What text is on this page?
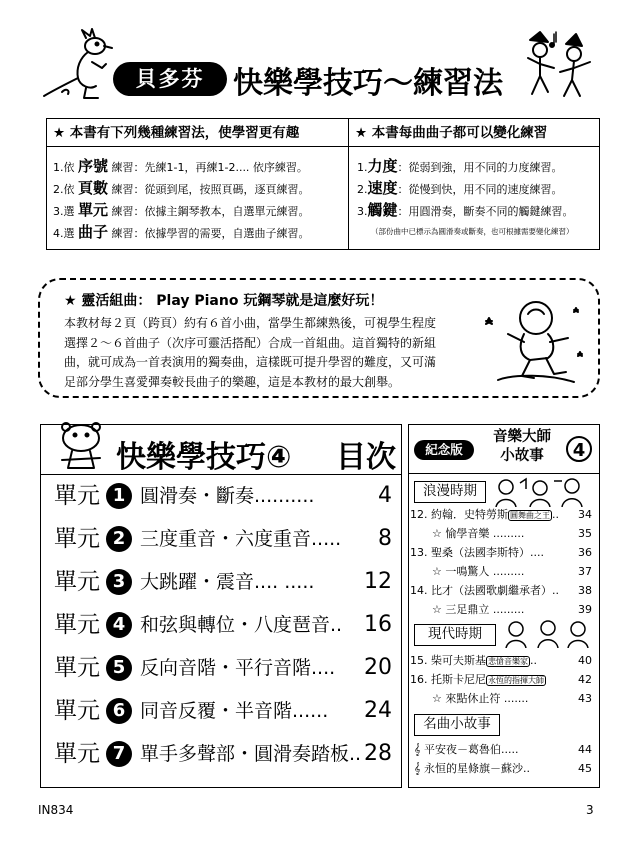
貝多芬 快樂學技巧～練習法
★ 本書有下列幾種練習法，使學習更有趣	★ 本書每曲曲子都可以變化練習
1.依 序號 練習：先練1-1，再練1-2.... 依序練習。
2.依 頁數 練習：從頭到尾，按照頁碼，逐頁練習。
3.選 單元 練習：依據主鋼琴教本，自選單元練習。
4.選 曲子 練習：依據學習的需要，自選曲子練習。
1.力度：從弱到強，用不同的力度練習。
2.速度：從慢到快，用不同的速度練習。
3.觸鍵：用圓滑奏，斷奏不同的觸鍵練習。
（部份曲中已標示為圓滑奏或斷奏，也可根據需要變化練習）
★ 靈活組曲： Play Piano 玩鋼琴就是這麼好玩！
本教材每２頁（跨頁）約有６首小曲，當學生都練熟後，可視學生程度
選擇２～６首曲子（次序可靈活搭配）合成一首組曲。這首獨特的新組
曲，就可成為一首表演用的獨奏曲，這樣既可提升學習的難度，又可滿
足部分學生喜愛彈奏較長曲子的樂趣，這是本教材的最大創舉。
快樂學技巧④ 目次
單元 1 圓滑奏・斷奏..........	4
單元 2 三度重音・六度重音..... 8
單元 3 大跳躍・震音.... ..... 12
單元 4 和弦與轉位・八度琶音.. 16
單元 5 反向音階・平行音階.... 20
單元 6 同音反覆・半音階...... 24
單元 7 單手多聲部・圓滑奏踏板.. 28
紀念版
音樂大師
小故事	4
浪漫時期
12. 約翰．史特勞斯 圓舞曲之王 .. 34
☆ 愉學音樂 .........	35
13. 聖桑（法國李斯特）....	36
☆ 一鳴驚人 .........	37
14. 比才（法國歌劇繼承者）.. 38
☆ 三足鼎立 .........	39
現代時期
15. 柴可夫斯基 悲愴音樂家 ..	40
16. 托斯卡尼尼 永恆的指揮大師	42
☆ 來點休止符 .......	43
名曲小故事
𝄞 平安夜－葛魯伯.....	44
𝄞 永恒的星條旗－蘇沙..	45
IN834	3
